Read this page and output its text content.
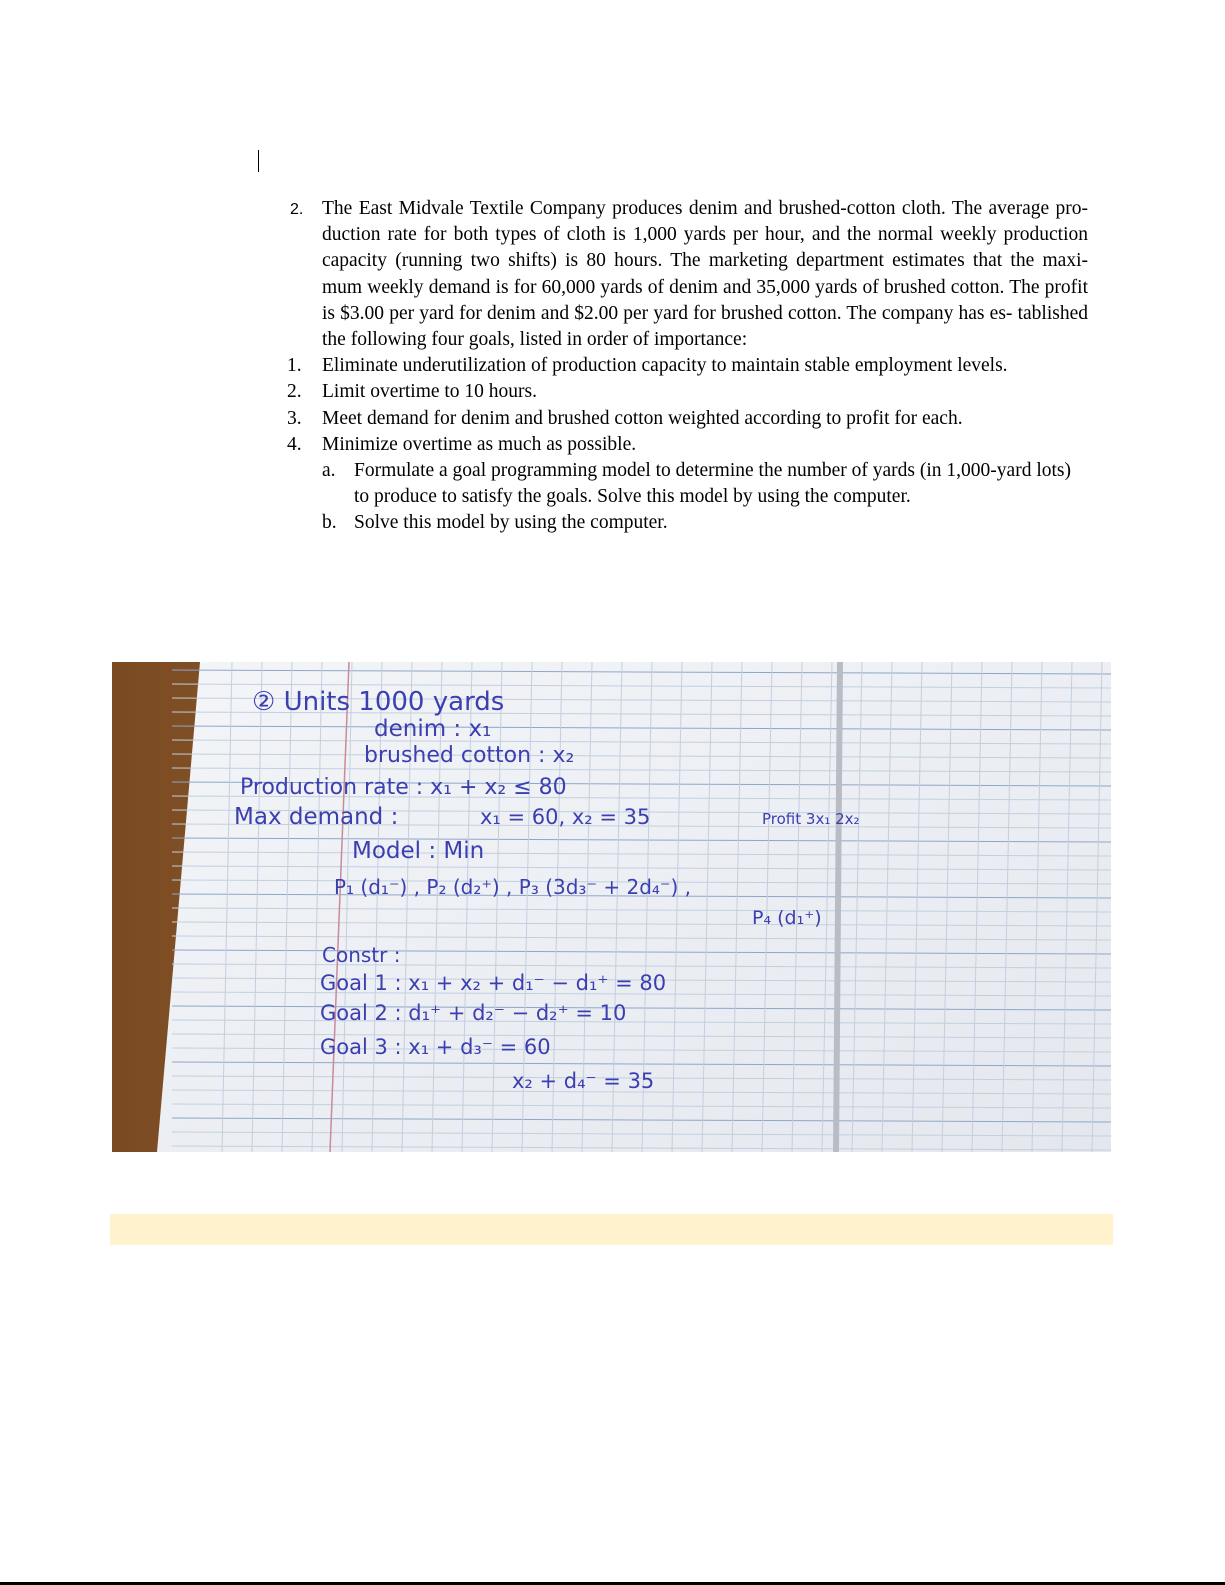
2. The East Midvale Textile Company produces denim and brushed-cotton cloth. The average pro- duction rate for both types of cloth is 1,000 yards per hour, and the normal weekly production capacity (running two shifts) is 80 hours. The marketing department estimates that the maxi- mum weekly demand is for 60,000 yards of denim and 35,000 yards of brushed cotton. The profit is $3.00 per yard for denim and $2.00 per yard for brushed cotton. The company has es- tablished the following four goals, listed in order of importance:
1. Eliminate underutilization of production capacity to maintain stable employment levels.
2. Limit overtime to 10 hours.
3. Meet demand for denim and brushed cotton weighted according to profit for each.
4. Minimize overtime as much as possible.
a. Formulate a goal programming model to determine the number of yards (in 1,000-yard lots) to produce to satisfy the goals. Solve this model by using the computer.
b. Solve this model by using the computer.
② Units 1000 yards
denim : x₁
brushed cotton : x₂
Production rate : x₁ + x₂ ≤ 80
Max demand :	x₁ = 60, x₂ = 35	Profit 3x₁ 2x₂
Model : Min
P₁ (d₁⁻) , P₂ (d₂⁺) , P₃ (3d₃⁻ + 2d₄⁻) ,
P₄ (d₁⁺)
Constr :
Goal 1 : x₁ + x₂ + d₁⁻ − d₁⁺ = 80
Goal 2 : d₁⁺ + d₂⁻ − d₂⁺ = 10
Goal 3 : x₁ + d₃⁻ = 60
x₂ + d₄⁻ = 35
